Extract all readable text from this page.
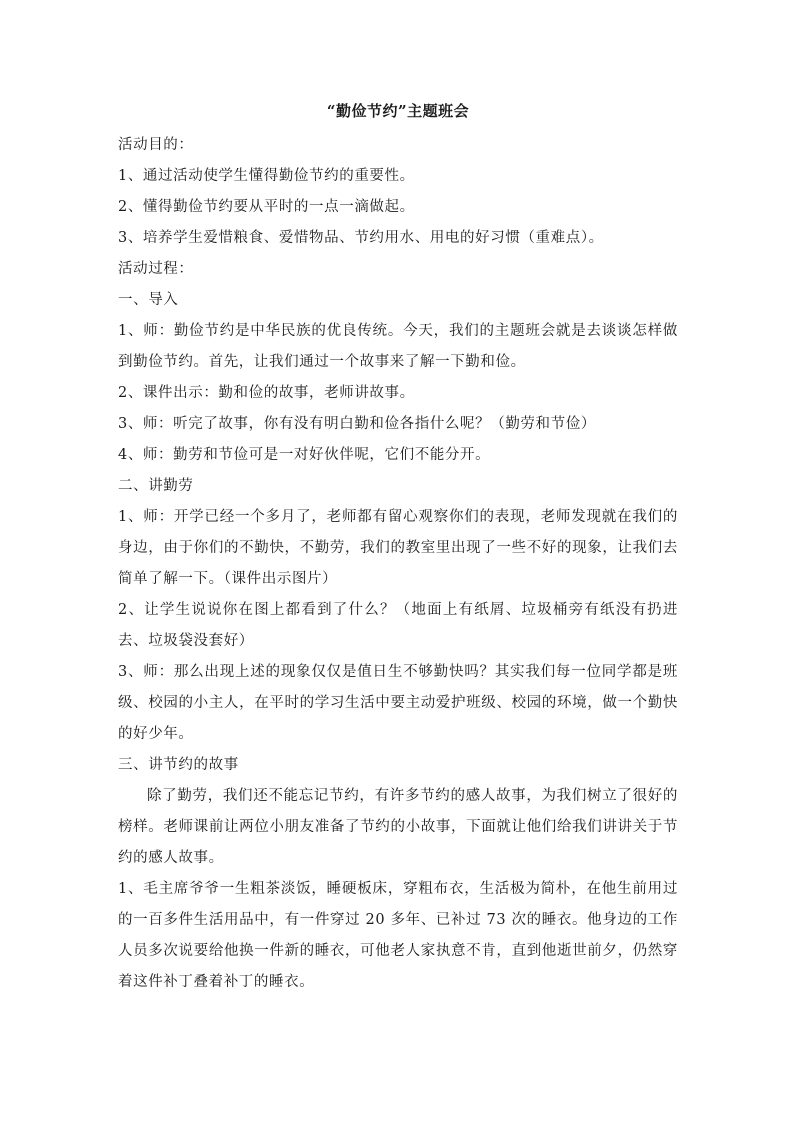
“勤俭节约”主题班会

活动目的：

1、通过活动使学生懂得勤俭节约的重要性。

2、懂得勤俭节约要从平时的一点一滴做起。

3、培养学生爱惜粮食、爱惜物品、节约用水、用电的好习惯（重难点）。

活动过程：

一、导入

1、师：勤俭节约是中华民族的优良传统。今天，我们的主题班会就是去谈谈怎样做到勤俭节约。首先，让我们通过一个故事来了解一下勤和俭。

2、课件出示：勤和俭的故事，老师讲故事。

3、师：听完了故事，你有没有明白勤和俭各指什么呢？（勤劳和节俭）

4、师：勤劳和节俭可是一对好伙伴呢，它们不能分开。

二、讲勤劳

1、师：开学已经一个多月了，老师都有留心观察你们的表现，老师发现就在我们的身边，由于你们的不勤快，不勤劳，我们的教室里出现了一些不好的现象，让我们去简单了解一下。（课件出示图片）

2、让学生说说你在图上都看到了什么？（地面上有纸屑、垃圾桶旁有纸没有扔进去、垃圾袋没套好）

3、师：那么出现上述的现象仅仅是值日生不够勤快吗？其实我们每一位同学都是班级、校园的小主人，在平时的学习生活中要主动爱护班级、校园的环境，做一个勤快的好少年。

三、讲节约的故事

除了勤劳，我们还不能忘记节约，有许多节约的感人故事，为我们树立了很好的榜样。老师课前让两位小朋友准备了节约的小故事，下面就让他们给我们讲讲关于节约的感人故事。

1、毛主席爷爷一生粗茶淡饭，睡硬板床，穿粗布衣，生活极为简朴，在他生前用过的一百多件生活用品中，有一件穿过 20 多年、已补过 73 次的睡衣。他身边的工作人员多次说要给他换一件新的睡衣，可他老人家执意不肯，直到他逝世前夕，仍然穿着这件补丁叠着补丁的睡衣。
